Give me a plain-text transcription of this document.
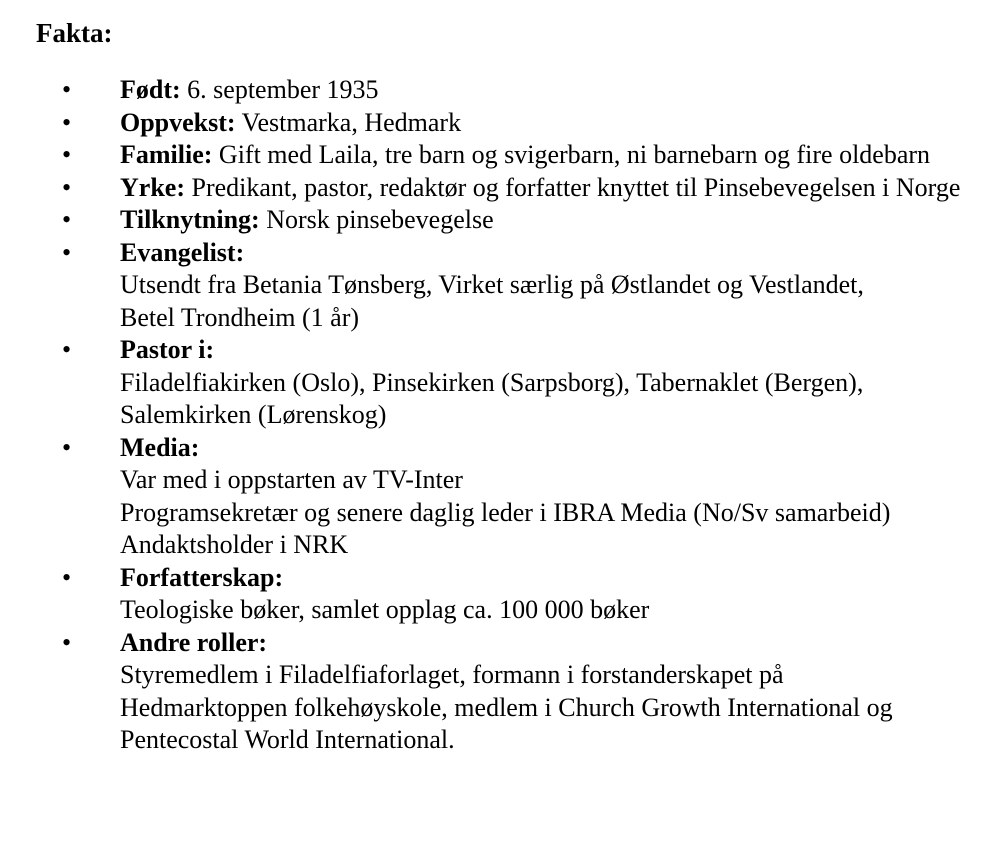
Fakta:
• Født: 6. september 1935
• Oppvekst: Vestmarka, Hedmark
• Familie: Gift med Laila, tre barn og svigerbarn, ni barnebarn og fire oldebarn
• Yrke: Predikant, pastor, redaktør og forfatter knyttet til Pinsebevegelsen i Norge
• Tilknytning: Norsk pinsebevegelse
• Evangelist:
Utsendt fra Betania Tønsberg, Virket særlig på Østlandet og Vestlandet,
Betel Trondheim (1 år)
• Pastor i:
Filadelfiakirken (Oslo), Pinsekirken (Sarpsborg), Tabernaklet (Bergen),
Salemkirken (Lørenskog)
• Media:
Var med i oppstarten av TV-Inter
Programsekretær og senere daglig leder i IBRA Media (No/Sv samarbeid)
Andaktsholder i NRK
• Forfatterskap:
Teologiske bøker, samlet opplag ca. 100 000 bøker
• Andre roller:
Styremedlem i Filadelfiaforlaget, formann i forstanderskapet på
Hedmarktoppen folkehøyskole, medlem i Church Growth International og
Pentecostal World International.
